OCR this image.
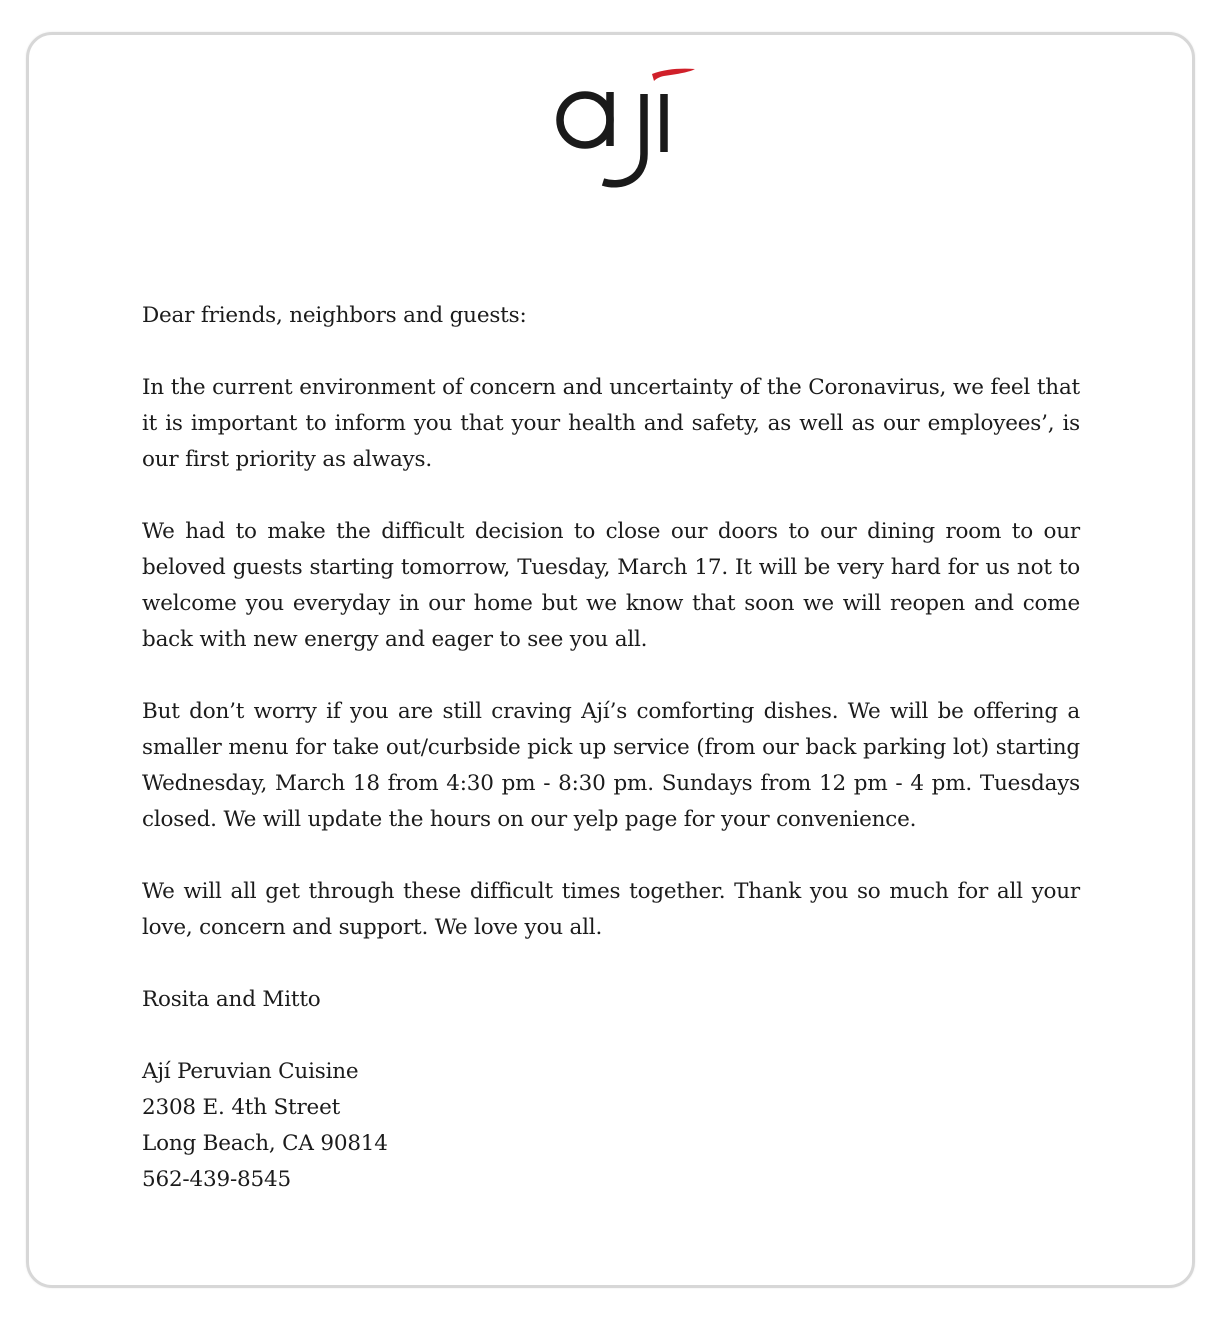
Dear friends, neighbors and guests:

In the current environment of concern and uncertainty of the Coronavirus, we feel that it is important to inform you that your health and safety, as well as our employees’, is our first priority as always.

We had to make the difficult decision to close our doors to our dining room to our beloved guests starting tomorrow, Tuesday, March 17. It will be very hard for us not to welcome you everyday in our home but we know that soon we will reopen and come back with new energy and eager to see you all.

But don’t worry if you are still craving Ají’s comforting dishes. We will be offering a smaller menu for take out/curbside pick up service (from our back parking lot) starting Wednesday, March 18 from 4:30 pm - 8:30 pm. Sundays from 12 pm - 4 pm. Tuesdays closed. We will update the hours on our yelp page for your convenience.

We will all get through these difficult times together. Thank you so much for all your love, concern and support. We love you all.

Rosita and Mitto
Ají Peruvian Cuisine
2308 E. 4th Street
Long Beach, CA 90814
562-439-8545
